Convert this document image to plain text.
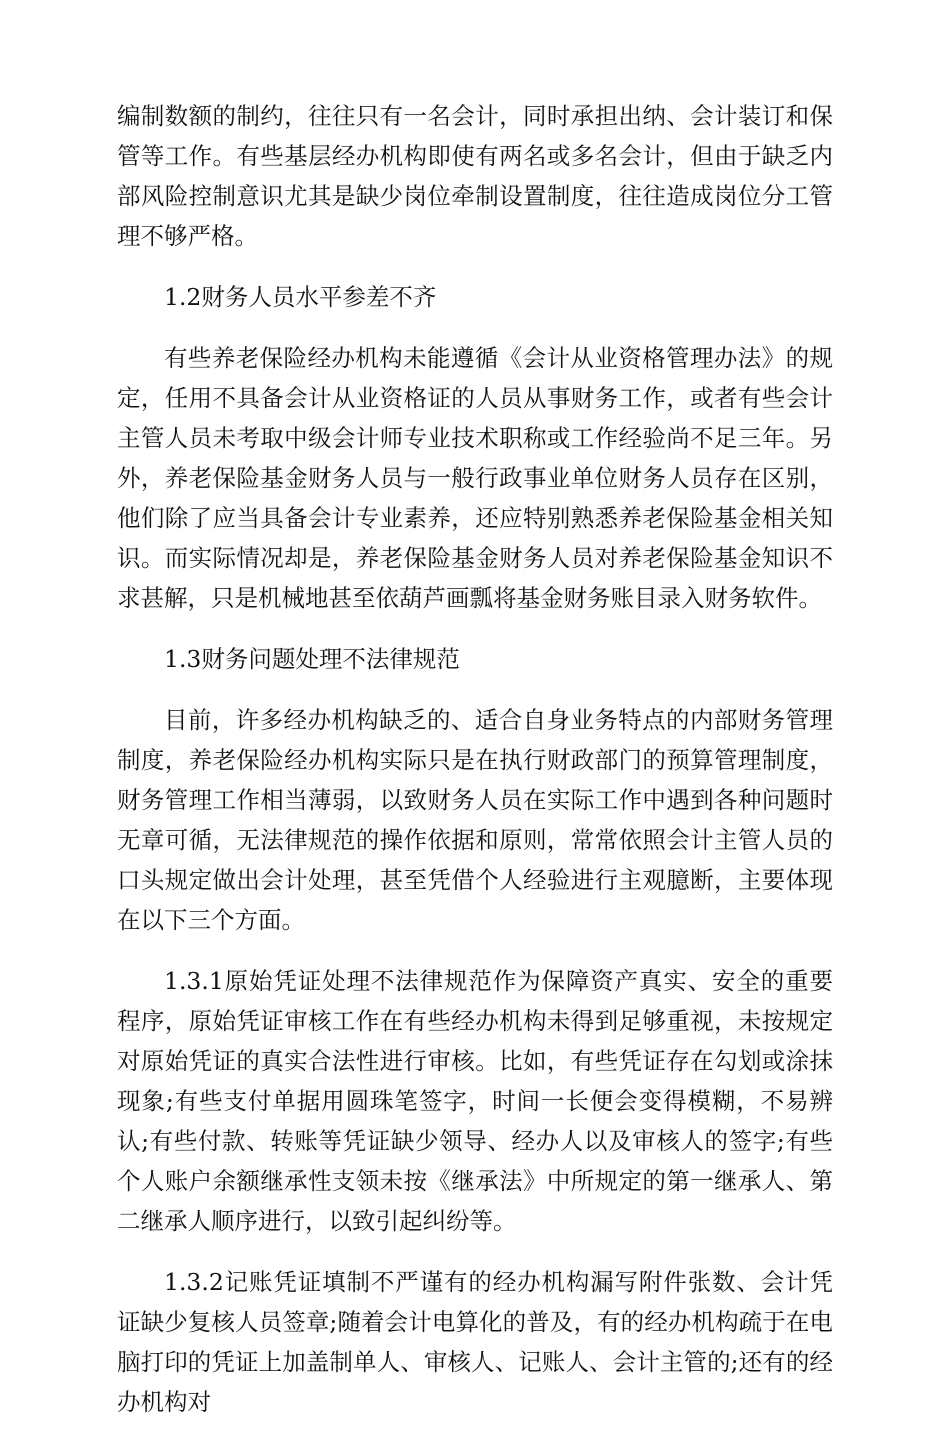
编制数额的制约，往往只有一名会计，同时承担出纳、会计装订和保管等工作。有些基层经办机构即使有两名或多名会计，但由于缺乏内部风险控制意识尤其是缺少岗位牵制设置制度，往往造成岗位分工管理不够严格。

1.2财务人员水平参差不齐

有些养老保险经办机构未能遵循《会计从业资格管理办法》的规定，任用不具备会计从业资格证的人员从事财务工作，或者有些会计主管人员未考取中级会计师专业技术职称或工作经验尚不足三年。另外，养老保险基金财务人员与一般行政事业单位财务人员存在区别，他们除了应当具备会计专业素养，还应特别熟悉养老保险基金相关知识。而实际情况却是，养老保险基金财务人员对养老保险基金知识不求甚解，只是机械地甚至依葫芦画瓢将基金财务账目录入财务软件。

1.3财务问题处理不法律规范

目前，许多经办机构缺乏的、适合自身业务特点的内部财务管理制度，养老保险经办机构实际只是在执行财政部门的预算管理制度，财务管理工作相当薄弱，以致财务人员在实际工作中遇到各种问题时无章可循，无法律规范的操作依据和原则，常常依照会计主管人员的口头规定做出会计处理，甚至凭借个人经验进行主观臆断，主要体现在以下三个方面。

1.3.1原始凭证处理不法律规范作为保障资产真实、安全的重要程序，原始凭证审核工作在有些经办机构未得到足够重视，未按规定对原始凭证的真实合法性进行审核。比如，有些凭证存在勾划或涂抹现象;有些支付单据用圆珠笔签字，时间一长便会变得模糊，不易辨认;有些付款、转账等凭证缺少领导、经办人以及审核人的签字;有些个人账户余额继承性支领未按《继承法》中所规定的第一继承人、第二继承人顺序进行，以致引起纠纷等。

1.3.2记账凭证填制不严谨有的经办机构漏写附件张数、会计凭证缺少复核人员签章;随着会计电算化的普及，有的经办机构疏于在电脑打印的凭证上加盖制单人、审核人、记账人、会计主管的;还有的经办机构对
